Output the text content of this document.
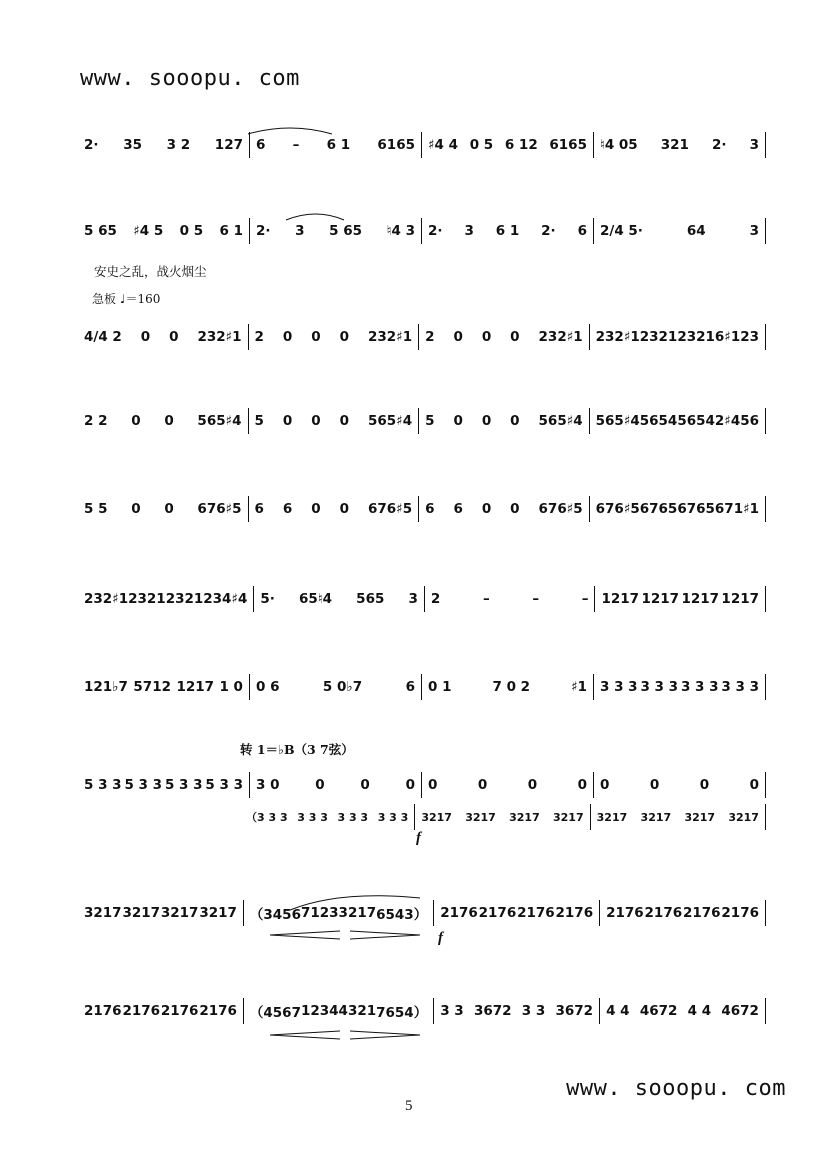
www. sooopu. com
安史之乱，战火烟尘
急板 ♩＝160
转 1＝♭B（3 7弦）
f
f
2· 35 3 2 127 6 – 6 1 6165 ♯4 4 0 5 6 12 6165 ♮4 05 321 2· 3
5 65 ♯4 5 0 5 6 1 2· 3 5 65 ♮4 3 2· 3 6 1 2· 6 2/4 5·	64	3
4/4 2 0 0 232♯1 2 0 0 0 232♯1 2 0 0 0 232♯1 232♯1 2321 2321 6♯123
2 2 0 0 565♯4 5 0 0 0 565♯4 5 0 0 0 565♯4 565♯4 5654 5654 2♯456
5 5 0 0 676♯5 6 6 0 0 676♯5 6 6 0 0 676♯5 676♯5 6765 6765 671♯1
232♯1 2321 2321 234♯4 5· 65♮4 565 3 2	–	–	– 1217 1217 1217 1217
121♭7 5712 1217 1 0 0 6	5 0♭7	6 0 1	7 0 2	♯1 3 3 3 3 3 3 3 3 3 3 3 3
5 3 3 5 3 3 5 3 3 5 3 3 3 0	0	0	0 0	0	0	0 0	0	0	0
（3 3 3 3 3 3 3 3 3 3 3 3 3217 3217 3217 3217 3217 3217 3217 3217
3217 3217 3217 3217 （3456 7123 3217 6543） 2176 2176 2176 2176 2176 2176 2176 2176
2176 2176 2176 2176 （4567 1234 4321 7654） 3 3 3672 3 3 3672 4 4 4672 4 4 4672
5
www. sooopu. com
